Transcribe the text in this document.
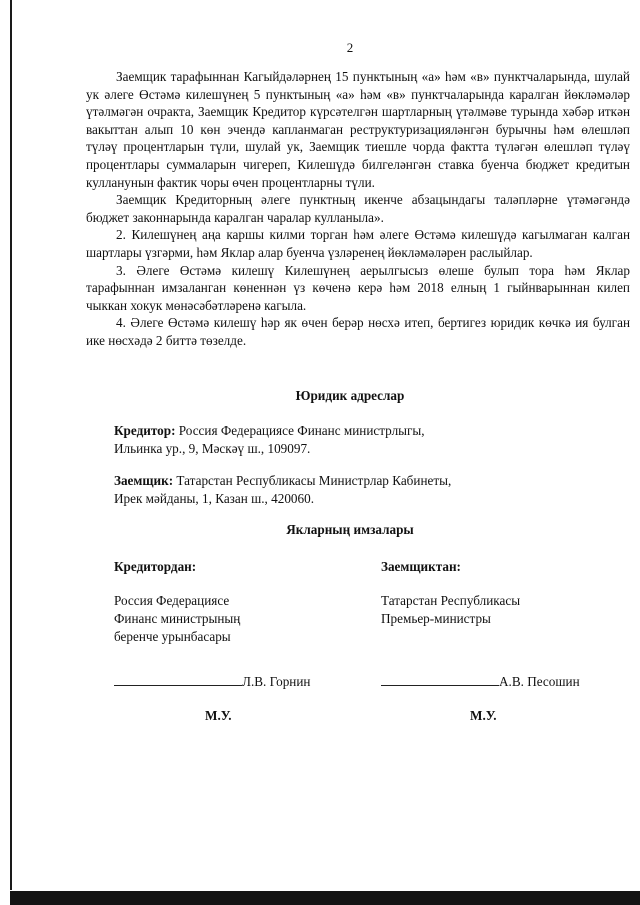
2

Заемщик тарафыннан Кагыйдәләрнең 15 пунктының «а» һәм «в» пунктчаларында, шулай ук әлеге Өстәмә килешүнең 5 пунктының «а» һәм «в» пунктчаларында каралган йөкләмәләр үтәлмәгән очракта, Заемщик Кредитор күрсәтелгән шартларның үтәлмәве турында хәбәр иткән вакыттан алып 10 көн эчендә капланмаган реструктуризацияләнгән бурычны һәм өлешләп түләү процентларын түли, шулай ук, Заемщик тиешле чорда фактта түләгән өлешләп түләү процентлары суммаларын чигереп, Килешүдә билгеләнгән ставка буенча бюджет кредитын кулланунын фактик чоры өчен процентларны түли.

Заемщик Кредиторның әлеге пунктның икенче абзацындагы таләпләрне үтәмәгәндә бюджет законнарында каралган чаралар кулланыла».

2. Килешүнең аңа каршы килми торган һәм әлеге Өстәмә килешүдә кагылмаган калган шартлары үзгәрми, һәм Яклар алар буенча үзләренең йөкләмәләрен раслыйлар.

3. Әлеге Өстәмә килешү Килешүнең аерылгысыз өлеше булып тора һәм Яклар тарафыннан имзаланган көненнән үз көченә керә һәм 2018 елның 1 гыйнварыннан килеп чыккан хокук мөнәсәбәтләренә кагыла.

4. Әлеге Өстәмә килешү һәр як өчен берәр нөсхә итеп, бертигез юридик көчкә ия булган ике нөсхәдә 2 биттә төзелде.

Юридик адреслар
Кредитор: Россия Федерациясе Финанс министрлыгы,
Ильинка ур., 9, Мәскәү ш., 109097.
Заемщик: Татарстан Республикасы Министрлар Кабинеты,
Ирек мәйданы, 1, Казан ш., 420060.
Якларның имзалары
Кредитордан:
Россия Федерациясе
Финанс министрының
беренче урынбасары
Заемщиктан:
Татарстан Республикасы
Премьер-министры
Л.В. Горнин	А.В. Песошин
М.У.	М.У.
